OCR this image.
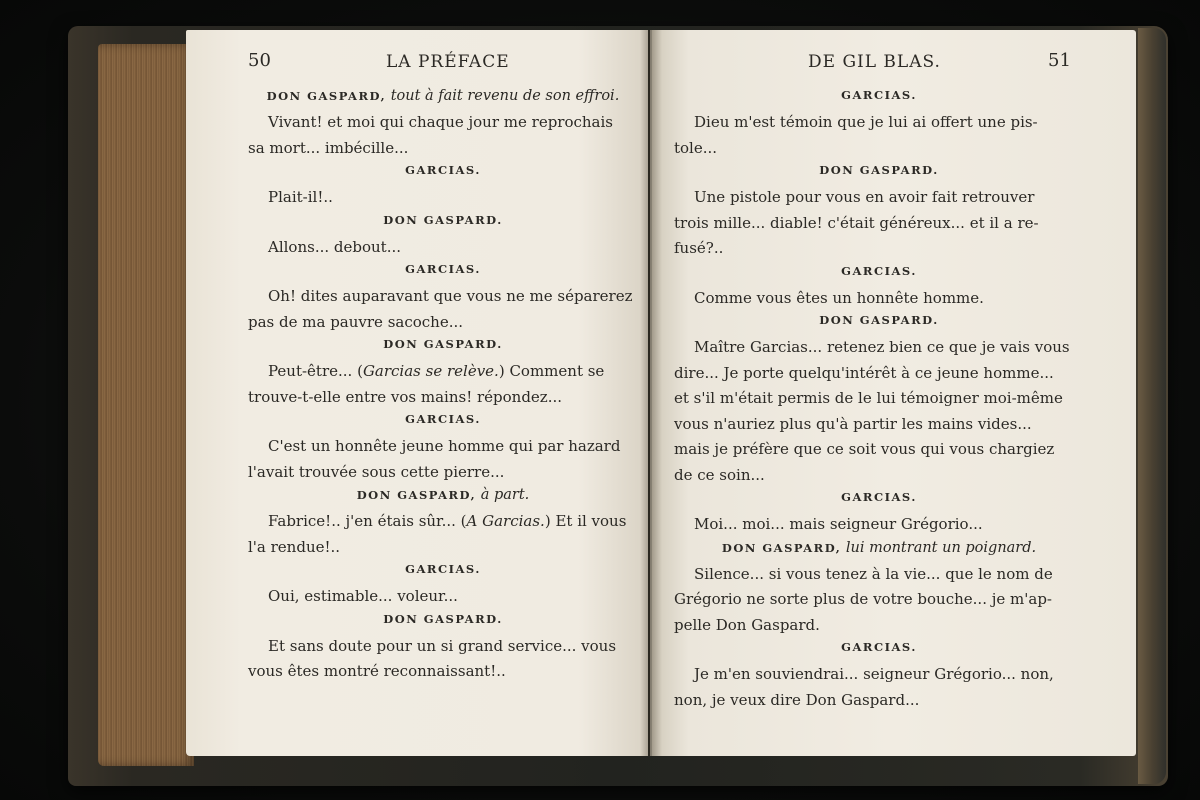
50	LA PRÉFACE
DON GASPARD, tout à fait revenu de son effroi.
Vivant! et moi qui chaque jour me reprochais
sa mort... imbécille...
GARCIAS.
Plait-il!..
DON GASPARD.
Allons... debout...
GARCIAS.
Oh! dites auparavant que vous ne me séparerez
pas de ma pauvre sacoche...
DON GASPARD.
Peut-être... (Garcias se relève.) Comment se
trouve-t-elle entre vos mains! répondez...
GARCIAS.
C'est un honnête jeune homme qui par hazard
l'avait trouvée sous cette pierre...
DON GASPARD, à part.
Fabrice!.. j'en étais sûr... (A Garcias.) Et il vous
l'a rendue!..
GARCIAS.
Oui, estimable... voleur...
DON GASPARD.
Et sans doute pour un si grand service... vous
vous êtes montré reconnaissant!..
DE GIL BLAS.	51
GARCIAS.
Dieu m'est témoin que je lui ai offert une pis-
tole...
DON GASPARD.
Une pistole pour vous en avoir fait retrouver
trois mille... diable! c'était généreux... et il a re-
fusé?..
GARCIAS.
Comme vous êtes un honnête homme.
DON GASPARD.
Maître Garcias... retenez bien ce que je vais vous
dire... Je porte quelqu'intérêt à ce jeune homme...
et s'il m'était permis de le lui témoigner moi-même
vous n'auriez plus qu'à partir les mains vides...
mais je préfère que ce soit vous qui vous chargiez
de ce soin...
GARCIAS.
Moi... moi... mais seigneur Grégorio...
DON GASPARD, lui montrant un poignard.
Silence... si vous tenez à la vie... que le nom de
Grégorio ne sorte plus de votre bouche... je m'ap-
pelle Don Gaspard.
GARCIAS.
Je m'en souviendrai... seigneur Grégorio... non,
non, je veux dire Don Gaspard...
